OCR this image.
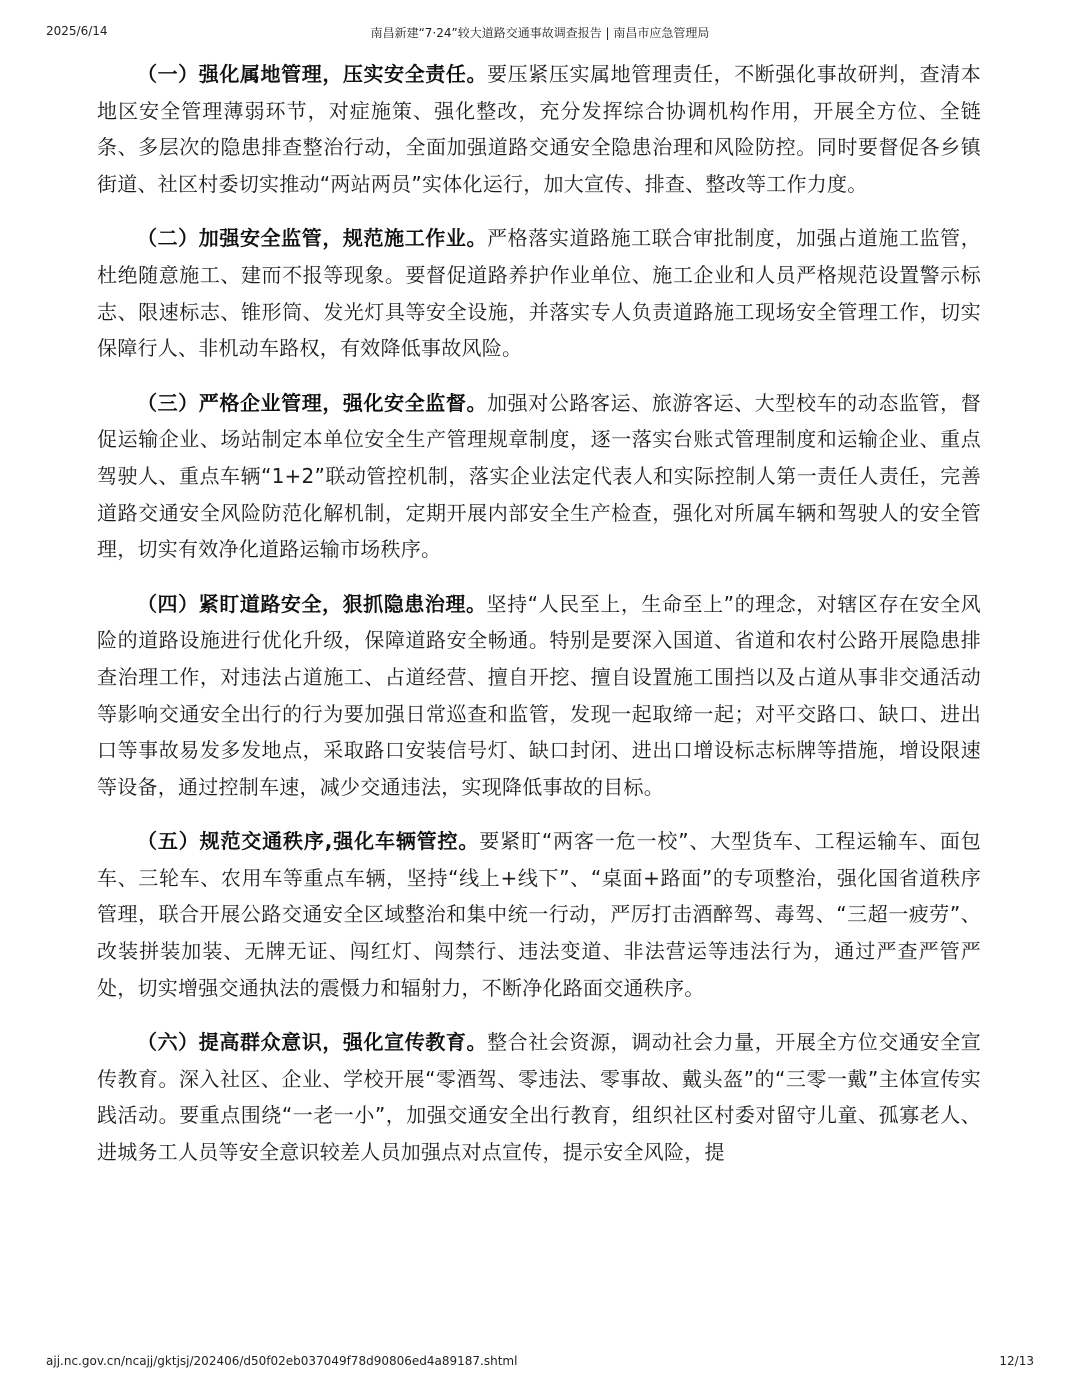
2025/6/14	南昌新建“7·24”较大道路交通事故调查报告 | 南昌市应急管理局

（一）强化属地管理，压实安全责任。要压紧压实属地管理责任，不断强化事故研判，查清本地区安全管理薄弱环节，对症施策、强化整改，充分发挥综合协调机构作用，开展全方位、全链条、多层次的隐患排查整治行动，全面加强道路交通安全隐患治理和风险防控。同时要督促各乡镇街道、社区村委切实推动“两站两员”实体化运行，加大宣传、排查、整改等工作力度。

（二）加强安全监管，规范施工作业。严格落实道路施工联合审批制度，加强占道施工监管，杜绝随意施工、建而不报等现象。要督促道路养护作业单位、施工企业和人员严格规范设置警示标志、限速标志、锥形筒、发光灯具等安全设施，并落实专人负责道路施工现场安全管理工作，切实保障行人、非机动车路权，有效降低事故风险。

（三）严格企业管理，强化安全监督。加强对公路客运、旅游客运、大型校车的动态监管，督促运输企业、场站制定本单位安全生产管理规章制度，逐一落实台账式管理制度和运输企业、重点驾驶人、重点车辆“1+2”联动管控机制，落实企业法定代表人和实际控制人第一责任人责任，完善道路交通安全风险防范化解机制，定期开展内部安全生产检查，强化对所属车辆和驾驶人的安全管理，切实有效净化道路运输市场秩序。

（四）紧盯道路安全，狠抓隐患治理。坚持“人民至上，生命至上”的理念，对辖区存在安全风险的道路设施进行优化升级，保障道路安全畅通。特别是要深入国道、省道和农村公路开展隐患排查治理工作，对违法占道施工、占道经营、擅自开挖、擅自设置施工围挡以及占道从事非交通活动等影响交通安全出行的行为要加强日常巡查和监管，发现一起取缔一起；对平交路口、缺口、进出口等事故易发多发地点，采取路口安装信号灯、缺口封闭、进出口增设标志标牌等措施，增设限速等设备，通过控制车速，减少交通违法，实现降低事故的目标。

（五）规范交通秩序,强化车辆管控。要紧盯“两客一危一校”、大型货车、工程运输车、面包车、三轮车、农用车等重点车辆，坚持“线上+线下”、“桌面+路面”的专项整治，强化国省道秩序管理，联合开展公路交通安全区域整治和集中统一行动，严厉打击酒醉驾、毒驾、“三超一疲劳”、改装拼装加装、无牌无证、闯红灯、闯禁行、违法变道、非法营运等违法行为，通过严查严管严处，切实增强交通执法的震慑力和辐射力，不断净化路面交通秩序。

（六）提高群众意识，强化宣传教育。整合社会资源，调动社会力量，开展全方位交通安全宣传教育。深入社区、企业、学校开展“零酒驾、零违法、零事故、戴头盔”的“三零一戴”主体宣传实践活动。要重点围绕“一老一小”，加强交通安全出行教育，组织社区村委对留守儿童、孤寡老人、进城务工人员等安全意识较差人员加强点对点宣传，提示安全风险，提

ajj.nc.gov.cn/ncajj/gktjsj/202406/d50f02eb037049f78d90806ed4a89187.shtml	12/13
